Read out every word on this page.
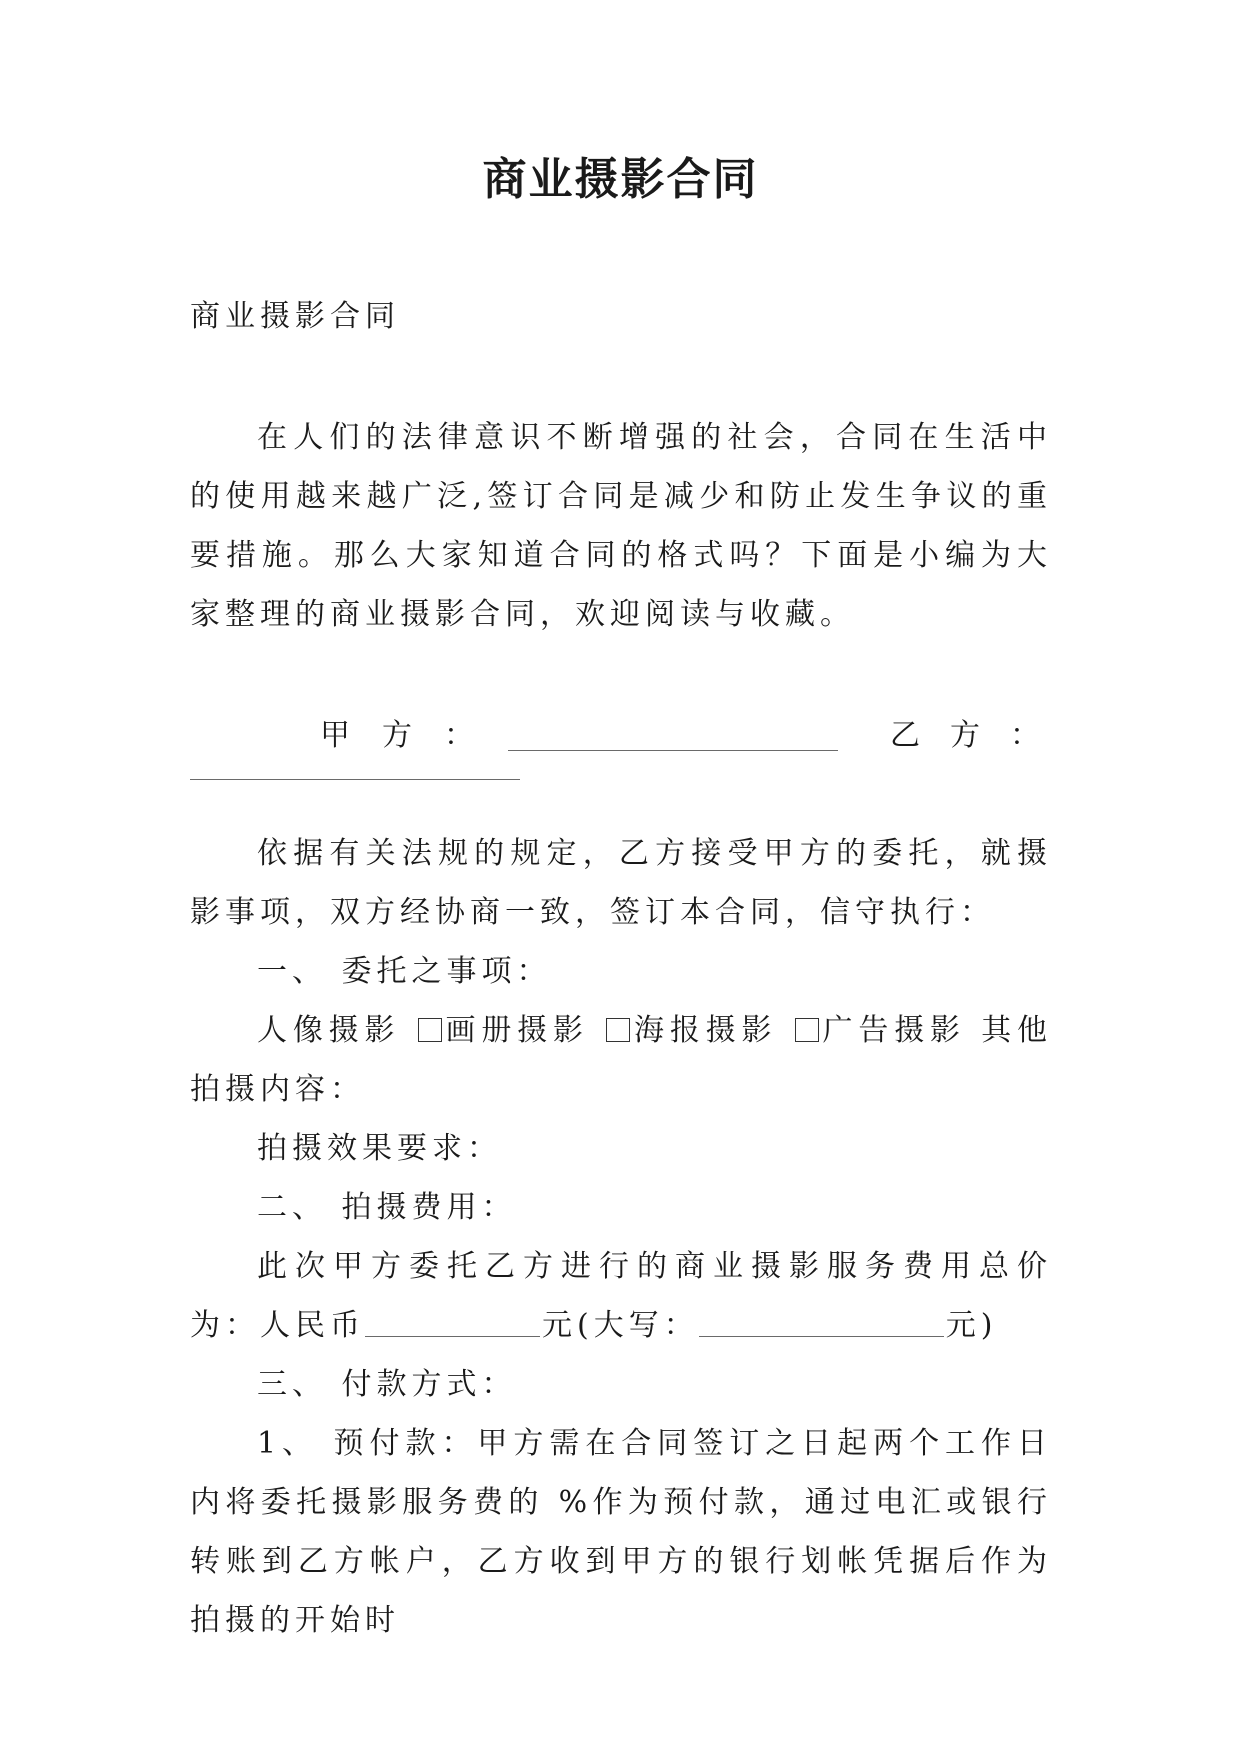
商业摄影合同

商业摄影合同

在人们的法律意识不断增强的社会，合同在生活中的使用越来越广泛,签订合同是减少和防止发生争议的重要措施。那么大家知道合同的格式吗？下面是小编为大家整理的商业摄影合同，欢迎阅读与收藏。

甲 方 ：	乙 方 ：

依据有关法规的规定，乙方接受甲方的委托，就摄影事项，双方经协商一致，签订本合同，信守执行：

一、 委托之事项：

人像摄影 画册摄影 海报摄影 广告摄影 其他拍摄内容：

拍摄效果要求：

二、 拍摄费用：

此次甲方委托乙方进行的商业摄影服务费用总价为：人民币	元(大写：	元)

三、 付款方式：

1、 预付款：甲方需在合同签订之日起两个工作日内将委托摄影服务费的 %作为预付款，通过电汇或银行转账到乙方帐户，乙方收到甲方的银行划帐凭据后作为拍摄的开始时
